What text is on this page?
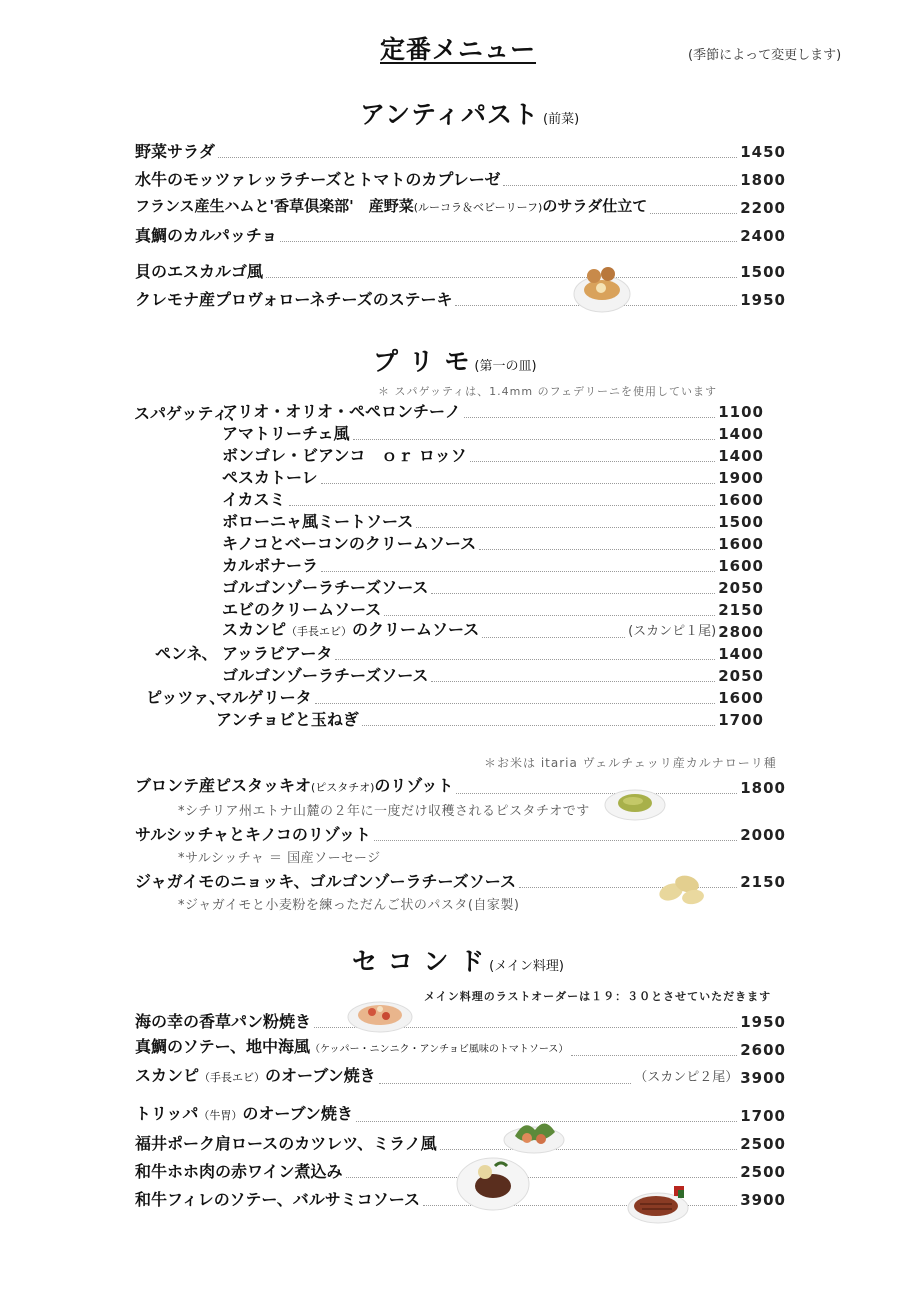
定番メニュー	(季節によって変更します)
アンティパスト (前菜)
野菜サラダ	1450
水牛のモッツァレッラチーズとトマトのカプレーゼ	1800
フランス産生ハムと'香草倶楽部'　産野菜(ルーコラ＆ベビーリーフ)のサラダ仕立て	2200
真鯛のカルパッチョ	2400
貝のエスカルゴ風	1500
クレモナ産プロヴォローネチーズのステーキ	1950
プ リ モ (第一の皿)
＊ スパゲッティは、1.4mm のフェデリーニを使用しています
スパゲッティ、
アリオ・オリオ・ペペロンチーノ	1100
アマトリーチェ風	1400
ボンゴレ・ビアンコ　ｏｒ ロッソ	1400
ペスカトーレ	1900
イカスミ	1600
ボローニャ風ミートソース	1500
キノコとベーコンのクリームソース	1600
カルボナーラ	1600
ゴルゴンゾーラチーズソース	2050
エビのクリームソース	2150
スカンピ（手長エビ）のクリームソース	(スカンピ１尾) 2800
ペンネ、 アッラビアータ	1400
ゴルゴンゾーラチーズソース	2050
ピッツァ、
マルゲリータ	1600
アンチョビと玉ねぎ	1700
＊お米は itaria ヴェルチェッリ産カルナローリ種
ブロンテ産ピスタッキオ(ピスタチオ)のリゾット	1800
*シチリア州エトナ山麓の２年に一度だけ収穫されるピスタチオです
サルシッチャとキノコのリゾット	2000
*サルシッチャ ＝ 国産ソーセージ
ジャガイモのニョッキ、ゴルゴンゾーラチーズソース	2150
*ジャガイモと小麦粉を練っただんご状のパスタ(自家製)
セ コ ン ド (メイン料理)
メイン料理のラストオーダーは１９：３０とさせていただきます
海の幸の香草パン粉焼き	1950
真鯛のソテー、地中海風（ケッパー・ニンニク・アンチョビ風味のトマトソース）	2600
スカンピ（手長エビ）のオーブン焼き	（スカンピ２尾） 3900
トリッパ（牛胃）のオーブン焼き	1700
福井ポーク肩ロースのカツレツ、ミラノ風	2500
和牛ホホ肉の赤ワイン煮込み	2500
和牛フィレのソテー、バルサミコソース	3900
